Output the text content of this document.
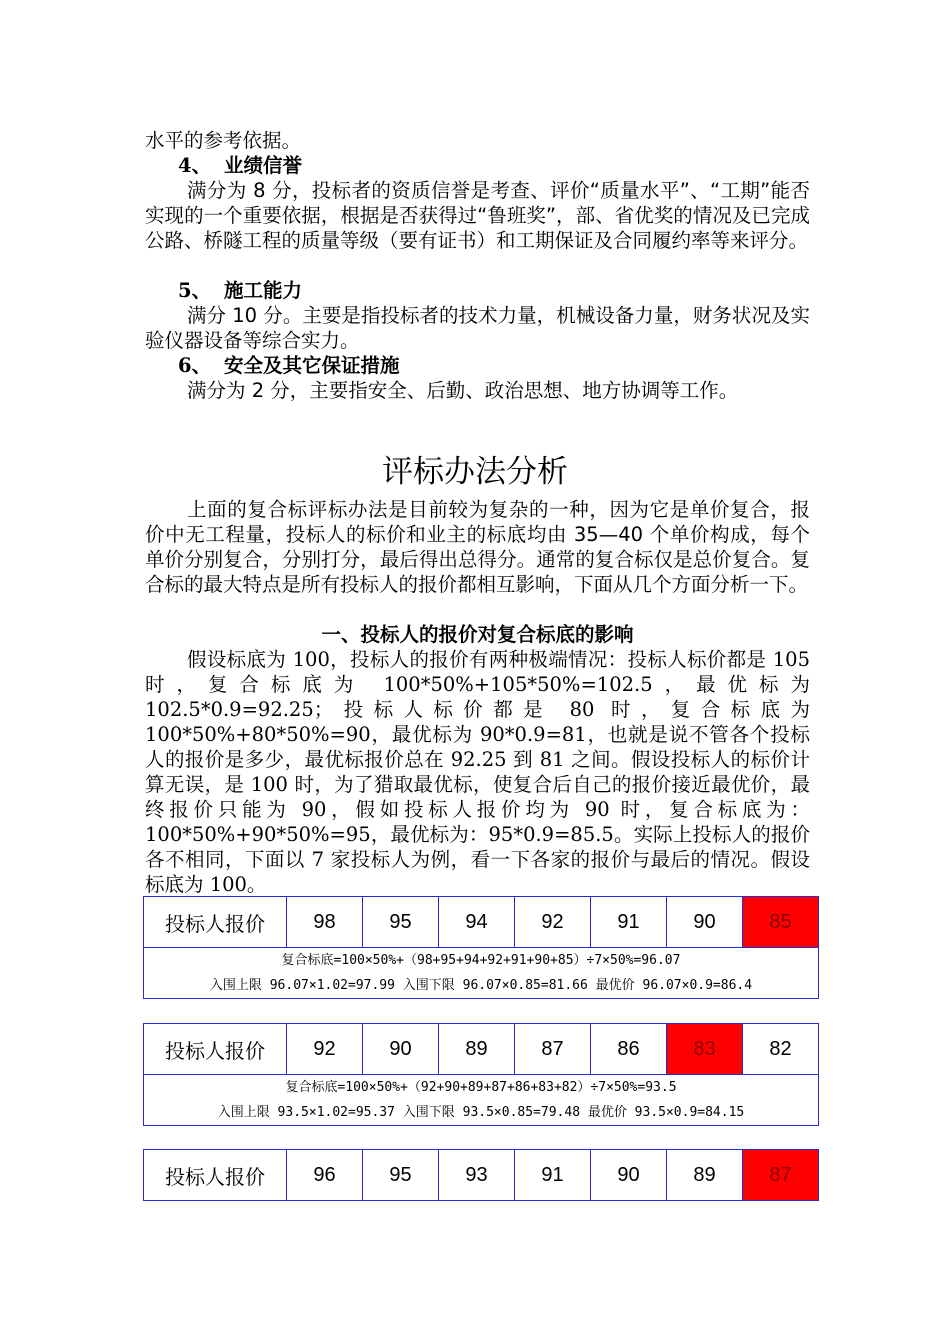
水平的参考依据。
4、 业绩信誉
满分为 8 分，投标者的资质信誉是考查、评价“质量水平”、“工期”能否实现的一个重要依据，根据是否获得过“鲁班奖”，部、省优奖的情况及已完成公路、桥隧工程的质量等级（要有证书）和工期保证及合同履约率等来评分。
5、 施工能力
满分 10 分。主要是指投标者的技术力量，机械设备力量，财务状况及实验仪器设备等综合实力。
6、 安全及其它保证措施
满分为 2 分，主要指安全、后勤、政治思想、地方协调等工作。
评标办法分析
上面的复合标评标办法是目前较为复杂的一种，因为它是单价复合，报价中无工程量，投标人的标价和业主的标底均由 35—40 个单价构成，每个单价分别复合，分别打分，最后得出总得分。通常的复合标仅是总价复合。复合标的最大特点是所有投标人的报价都相互影响，下面从几个方面分析一下。
一、投标人的报价对复合标底的影响
假设标底为 100，投标人的报价有两种极端情况：投标人标价都是 105 时，复合标底为 100*50%+105*50%=102.5，最优标为 102.5*0.9=92.25；投标人标价都是 80 时，复合标底为 100*50%+80*50%=90，最优标为 90*0.9=81，也就是说不管各个投标人的报价是多少，最优标报价总在 92.25 到 81 之间。假设投标人的标价计算无误，是 100 时，为了猎取最优标，使复合后自己的报价接近最优价，最终报价只能为 90，假如投标人报价均为 90 时，复合标底为：100*50%+90*50%=95，最优标为：95*0.9=85.5。实际上投标人的报价各不相同，下面以 7 家投标人为例，看一下各家的报价与最后的情况。假设标底为 100。
投标人报价	98	95	94	92	91	90	85

复合标底=100×50%+（98+95+94+92+91+90+85）÷7×50%=96.07
入围上限 96.07×1.02=97.99 入围下限 96.07×0.85=81.66 最优价 96.07×0.9=86.4
投标人报价	92	90	89	87	86	83	82

复合标底=100×50%+（92+90+89+87+86+83+82）÷7×50%=93.5
入围上限 93.5×1.02=95.37 入围下限 93.5×0.85=79.48 最优价 93.5×0.9=84.15
投标人报价	96	95	93	91	90	89	87
